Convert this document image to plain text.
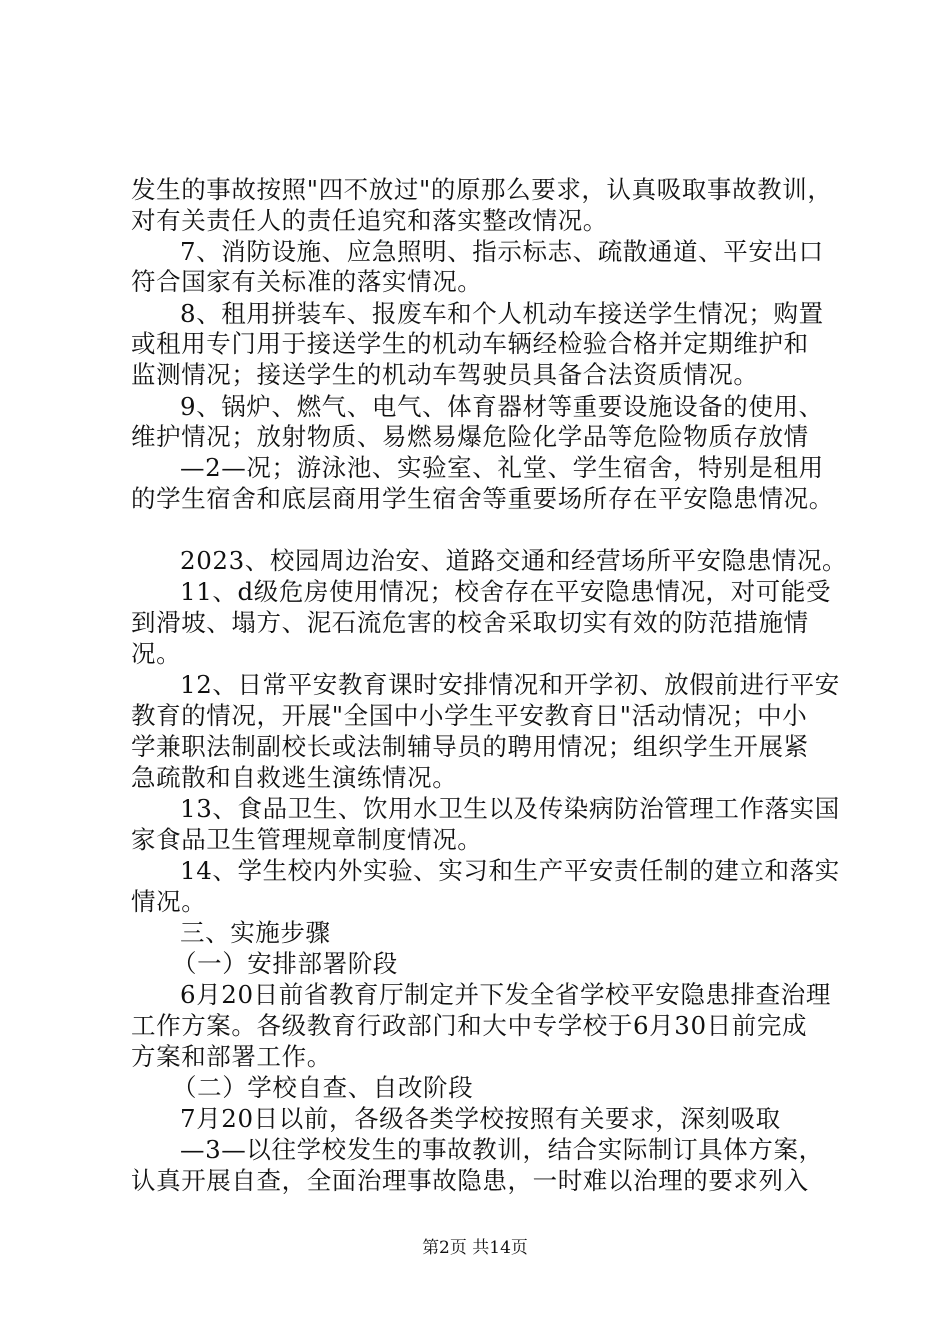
发生的事故按照"四不放过"的原那么要求，认真吸取事故教训，

对有关责任人的责任追究和落实整改情况。

7、消防设施、应急照明、指示标志、疏散通道、平安出口

符合国家有关标准的落实情况。

8、租用拼装车、报废车和个人机动车接送学生情况；购置

或租用专门用于接送学生的机动车辆经检验合格并定期维护和

监测情况；接送学生的机动车驾驶员具备合法资质情况。

9、锅炉、燃气、电气、体育器材等重要设施设备的使用、

维护情况；放射物质、易燃易爆危险化学品等危险物质存放情

—2—况；游泳池、实验室、礼堂、学生宿舍，特别是租用

的学生宿舍和底层商用学生宿舍等重要场所存在平安隐患情况。

2023、校园周边治安、道路交通和经营场所平安隐患情况。

11、d级危房使用情况；校舍存在平安隐患情况，对可能受

到滑坡、塌方、泥石流危害的校舍采取切实有效的防范措施情

况。

12、日常平安教育课时安排情况和开学初、放假前进行平安

教育的情况，开展"全国中小学生平安教育日"活动情况；中小

学兼职法制副校长或法制辅导员的聘用情况；组织学生开展紧

急疏散和自救逃生演练情况。

13、食品卫生、饮用水卫生以及传染病防治管理工作落实国

家食品卫生管理规章制度情况。

14、学生校内外实验、实习和生产平安责任制的建立和落实

情况。

三、实施步骤

（一）安排部署阶段

6月20日前省教育厅制定并下发全省学校平安隐患排查治理

工作方案。各级教育行政部门和大中专学校于6月30日前完成

方案和部署工作。

（二）学校自查、自改阶段

7月20日以前，各级各类学校按照有关要求，深刻吸取

—3—以往学校发生的事故教训，结合实际制订具体方案，

认真开展自查，全面治理事故隐患，一时难以治理的要求列入

第2页 共14页
